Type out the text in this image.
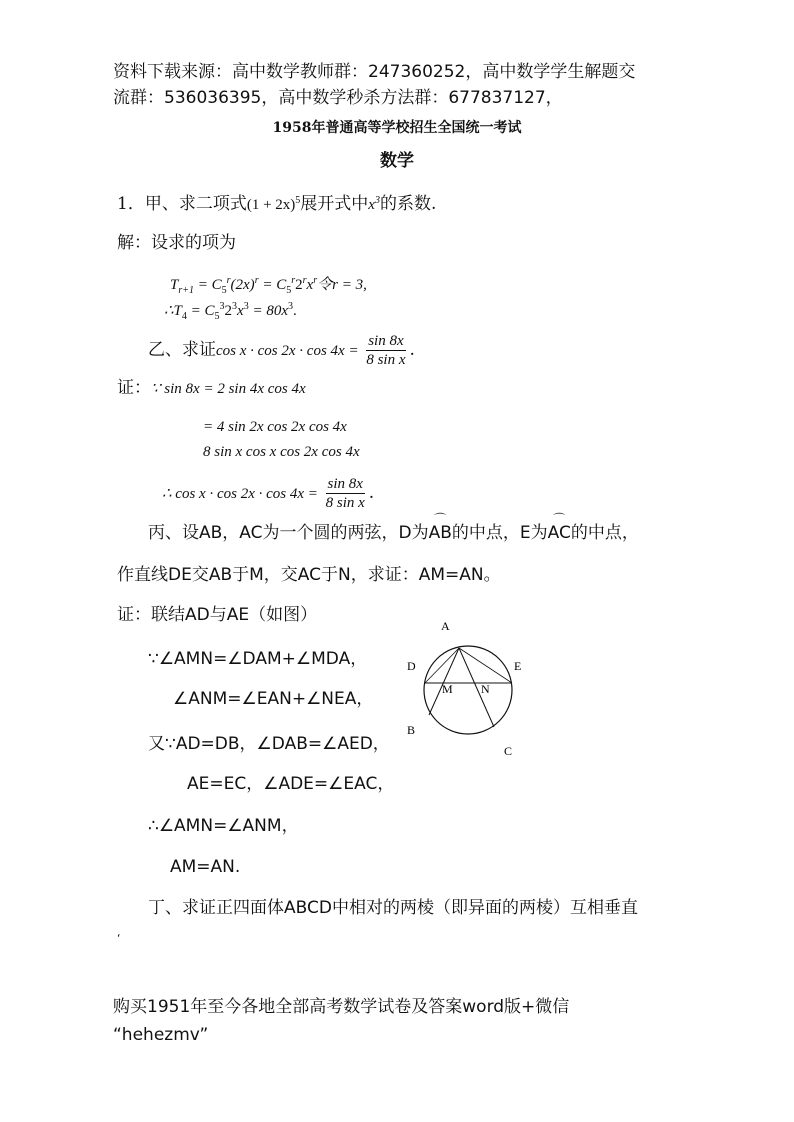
资料下载来源：高中数学教师群：247360252，高中数学学生解题交
流群：536036395，高中数学秒杀方法群：677837127，
1958年普通高等学校招生全国统一考试
数学
1．甲、求二项式$(1 + 2x)^5$展开式中$x^3$的系数.
解：设求的项为
$T_{r+1} = C_5^r(2x)^r = C_5^r2^rx^r$令r = 3,
$\therefore T_4 = C_5^32^3x^3 = 80x^3$.
乙、求证$\cos x \cdot \cos 2x \cdot \cos 4x = \frac{\sin 8x}{\text{8 sin x}}$ .
证：∵ sin 8x = 2 sin 4x cos 4x
= 4 sin 2x cos 2x cos 4x
8 sin x cos x cos 2x cos 4x
∴ $\cos x \cdot \cos 2x \cdot \cos 4x = \frac{\sin 8x}{\text{8 sin x}}$ .
丙、设AB，AC为一个圆的两弦，D为⌒ AB的中点，E为⌒ AC的中点，
作直线DE交AB于M，交AC于N，求证：AM=AN。
证：联结AD与AE（如图）
∵∠AMN=∠DAM+∠MDA，
∠ANM=∠EAN+∠NEA，
又∵AD=DB，∠DAB=∠AED，
AE=EC，∠ADE=∠EAC，
∴∠AMN=∠ANM，
AM=AN.
A
D	E
M N
B
C
丁、求证正四面体ABCD中相对的两棱（即异面的两棱）互相垂直
‘
购买1951年至今各地全部高考数学试卷及答案word版+微信
“hehezmv”
